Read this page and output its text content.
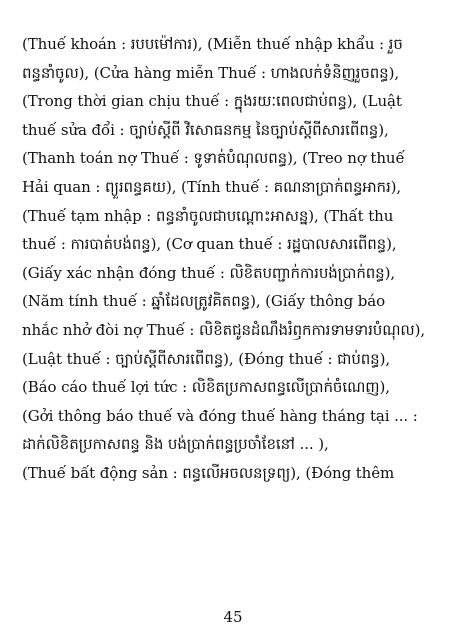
(Thuế khoán : របបម៉ៅការ), (Miễn thuế nhập khẩu : រួច
ពន្ធនាំចូល), (Cửa hàng miễn Thuế : ហាងលក់ទំនិញរួចពន្ធ),
(Trong thời gian chịu thuế : ក្នុងរយៈពេលជាប់ពន្ធ), (Luật
thuế sửa đổi : ច្បាប់ស្តីពី វិសោធនកម្ម នៃច្បាប់ស្តីពីសារពើពន្ធ),
(Thanh toán nợ Thuế : ទូទាត់បំណុលពន្ធ), (Treo nợ thuế
Hải quan : ព្យួរពន្ធគយ), (Tính thuế : គណនាប្រាក់ពន្ធអាករ),
(Thuế tạm nhập : ពន្ធនាំចូលជាបណ្តោះអាសន្ន), (Thất thu
thuế : ការបាត់បង់ពន្ធ), (Cơ quan thuế : រដ្ឋបាលសារពើពន្ធ),
(Giấy xác nhận đóng thuế : លិខិតបញ្ជាក់ការបង់ប្រាក់ពន្ធ),
(Năm tính thuế : ឆ្នាំដែលត្រូវគិតពន្ធ), (Giấy thông báo
nhắc nhở đòi nợ Thuế : លិខិតជូនដំណឹងរំឭកការទាមទារបំណុល),
(Luật thuế : ច្បាប់ស្តីពីសារពើពន្ធ), (Đóng thuế : ជាប់ពន្ធ),
(Báo cáo thuế lợi tức : លិខិតប្រកាសពន្ធលើប្រាក់ចំណេញ),
(Gởi thông báo thuế và đóng thuế hàng tháng tại ... :
ដាក់លិខិតប្រកាសពន្ធ និង បង់ប្រាក់ពន្ធប្រចាំខែនៅ ... ),
(Thuế bất động sản : ពន្ធលើអចលនទ្រព្យ), (Đóng thêm
45
